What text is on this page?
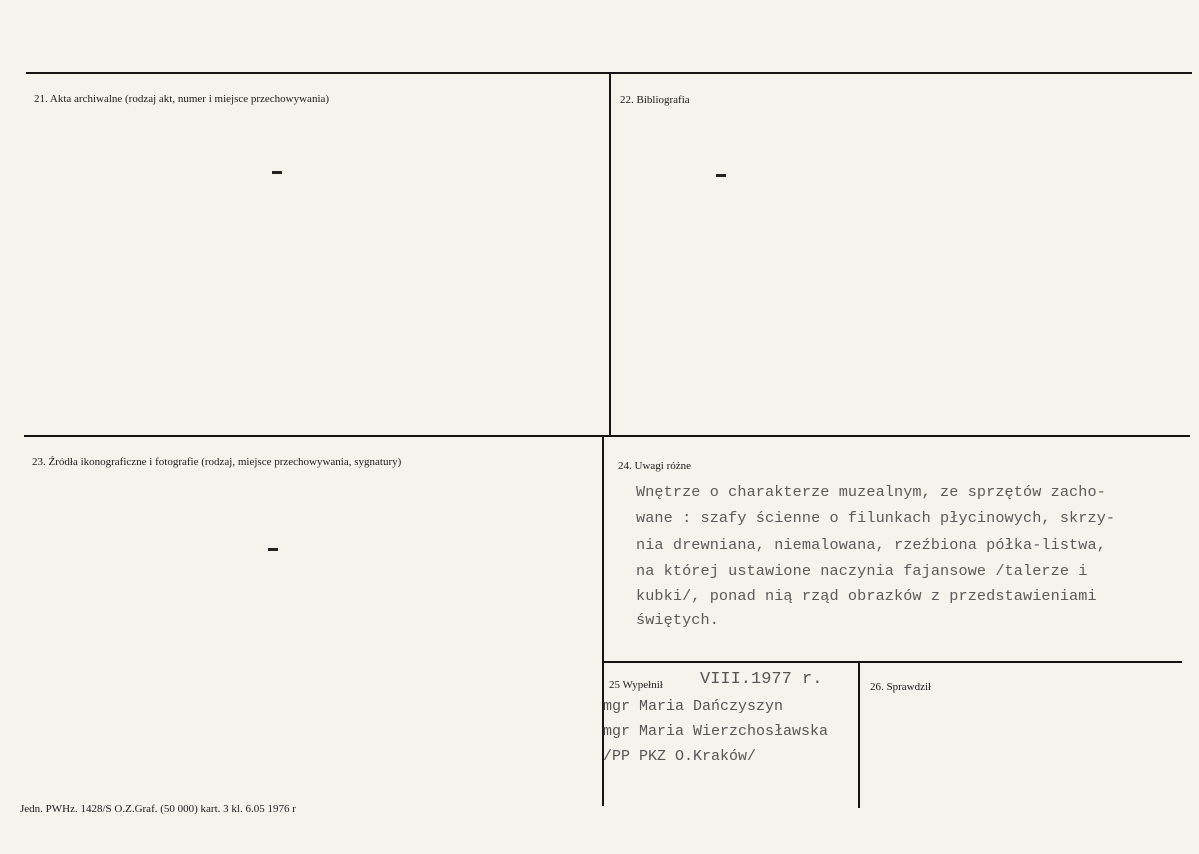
21. Akta archiwalne (rodzaj akt, numer i miejsce przechowywania)	22. Bibliografia
23. Źródła ikonograficzne i fotografie (rodzaj, miejsce przechowywania, sygnatury)	24. Uwagi różne
Wnętrze o charakterze muzealnym, ze sprzętów zacho-
wane : szafy ścienne o filunkach płycinowych, skrzy-
nia drewniana, niemalowana, rzeźbiona półka-listwa,
na której ustawione naczynia fajansowe /talerze i
kubki/, ponad nią rząd obrazków z przedstawieniami
świętych.
25 Wypełnił VIII.1977 r.
mgr Maria Dańczyszyn
mgr Maria Wierzchosławska
/PP PKZ O.Kraków/
26. Sprawdził
Jedn. PWHz. 1428/S O.Z.Graf. (50 000) kart. 3 kl. 6.05 1976 r
